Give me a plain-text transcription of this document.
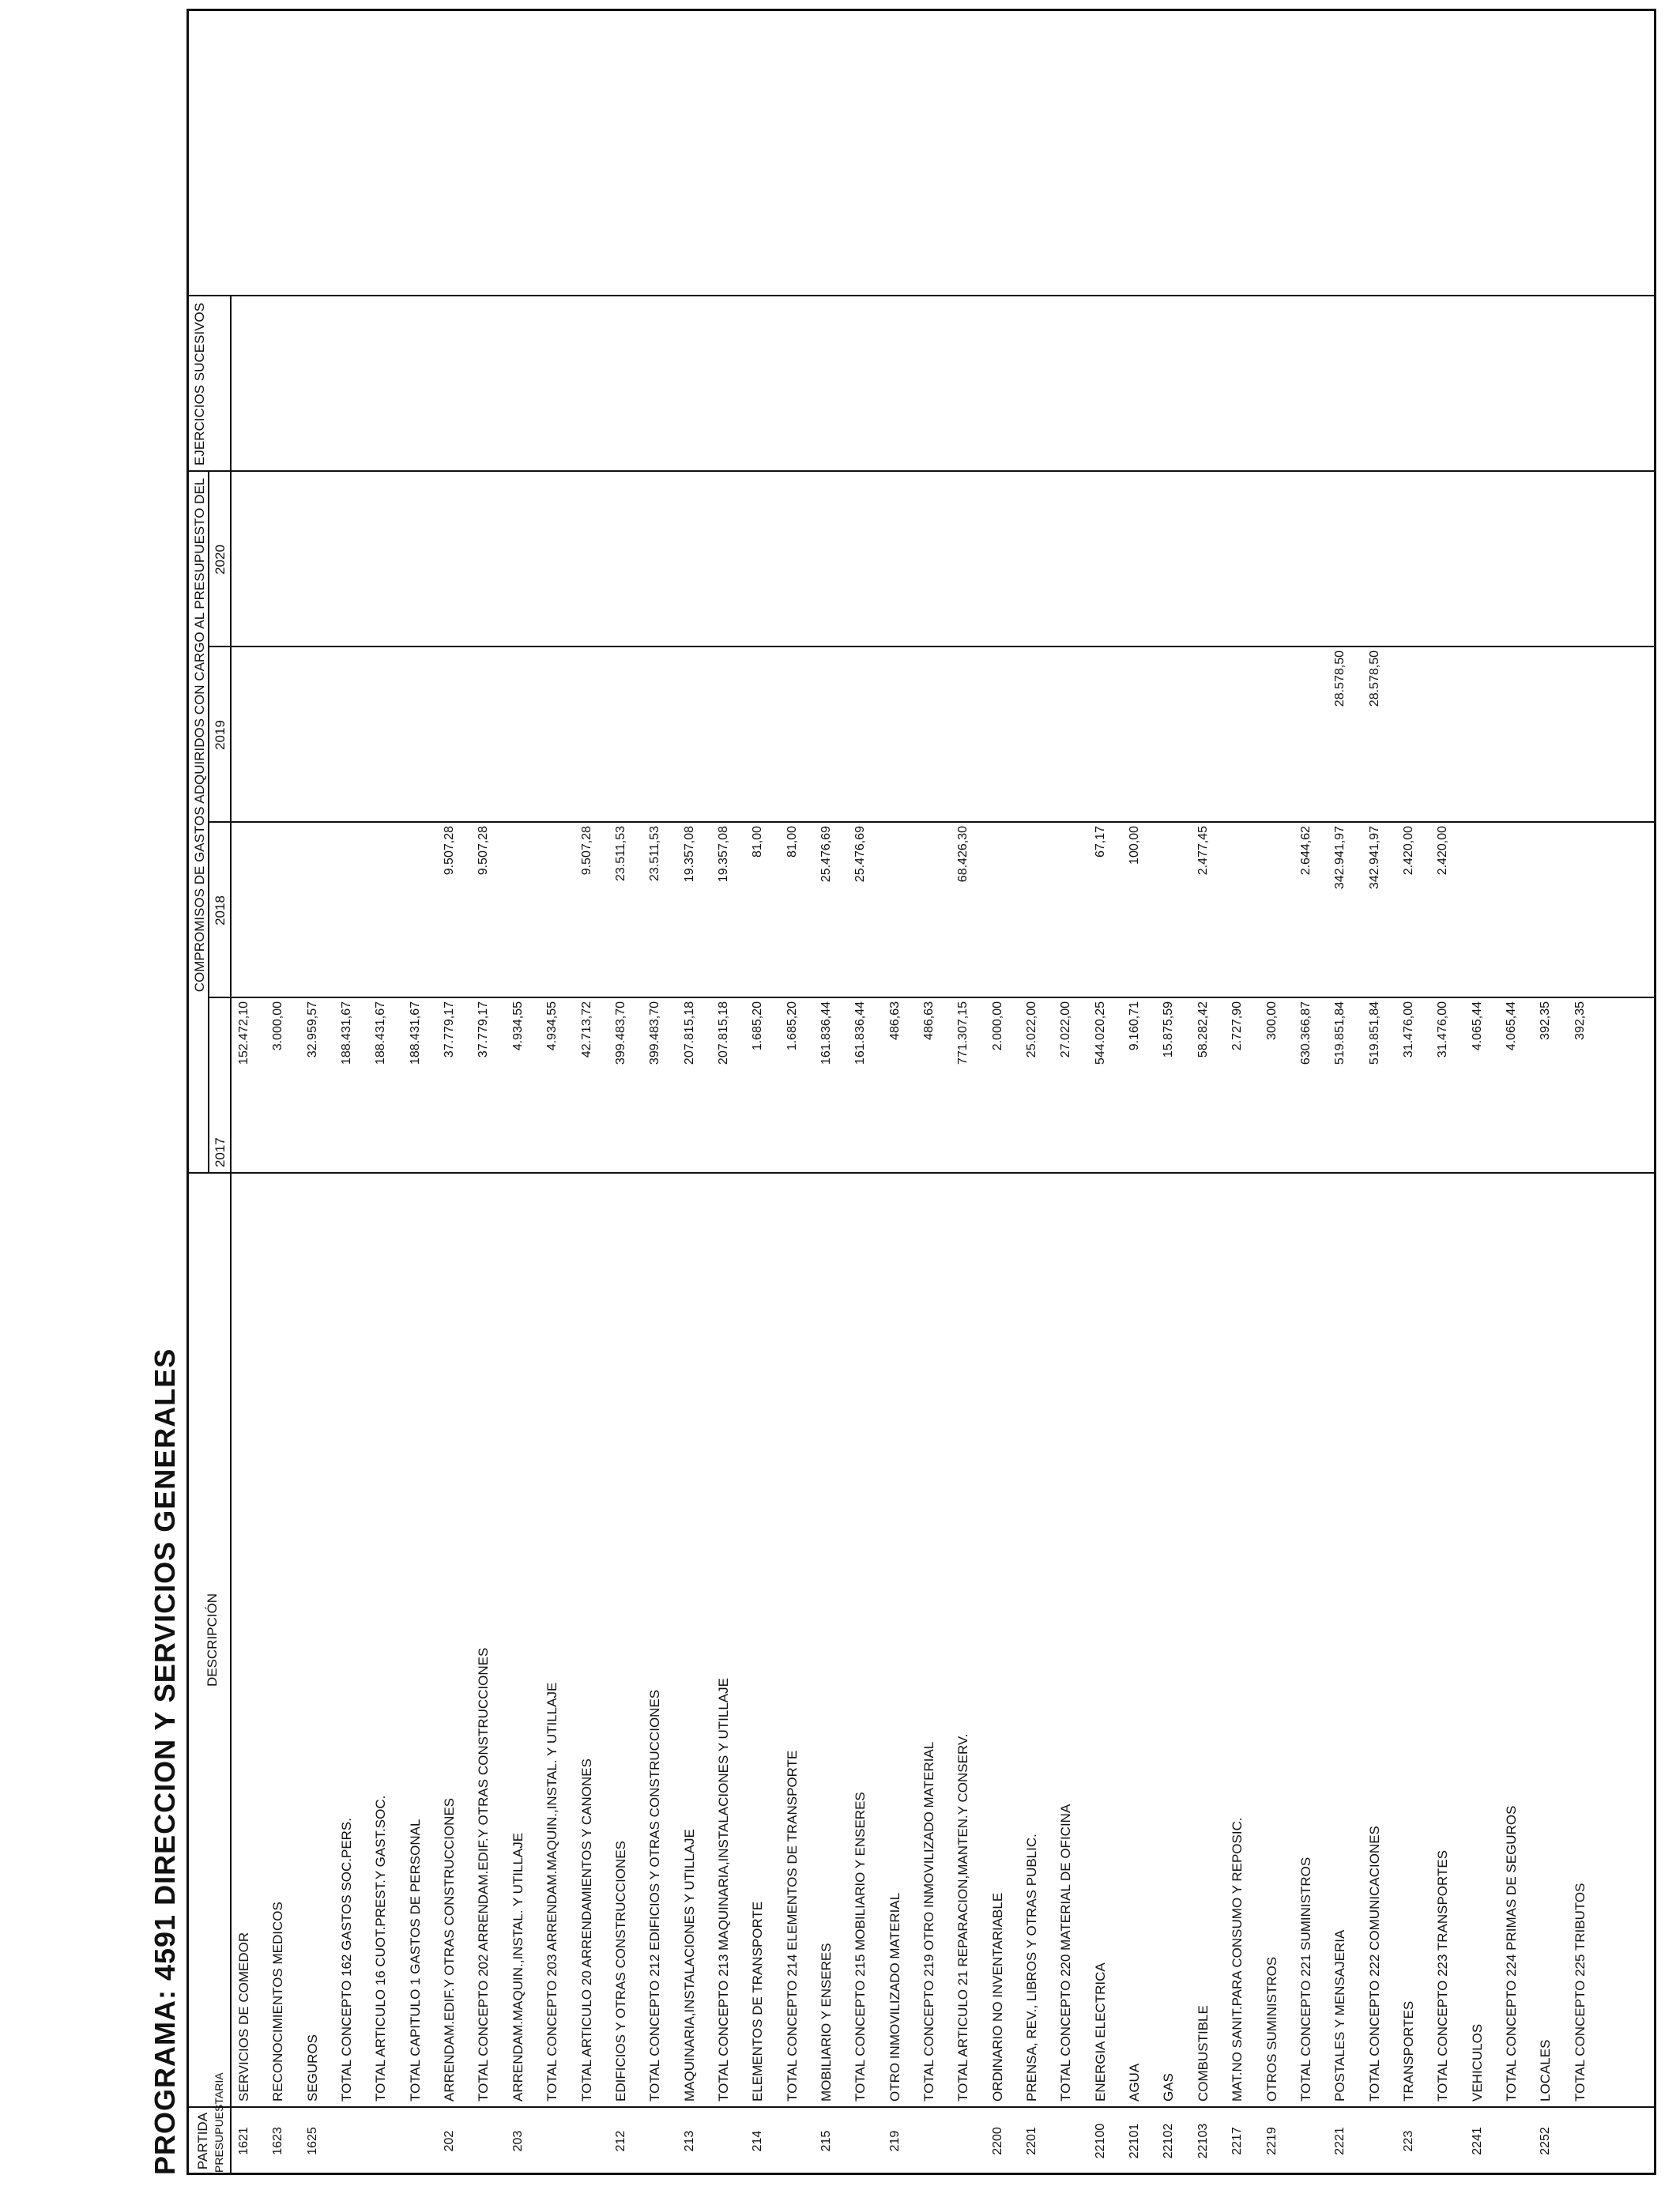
PROGRAMA: 4591 DIRECCION Y SERVICIOS GENERALES PARTIDA PRESUPUESTARIA
DESCRIPCIÓN
COMPROMISOS DE GASTOS ADQUIRIDOS CON CARGO AL PRESUPUESTO DEL
2017
2018
2019
2020
EJERCICIOS SUCESIVOS
1621
SERVICIOS DE COMEDOR
152.472,10
1623
RECONOCIMIENTOS MEDICOS
3.000,00
1625
SEGUROS
32.959,57
TOTAL CONCEPTO 162 GASTOS SOC.PERS.
188.431,67
TOTAL ARTICULO 16 CUOT.PREST.Y GAST.SOC.
188.431,67
TOTAL CAPITULO 1 GASTOS DE PERSONAL
188.431,67
202
ARRENDAM.EDIF.Y OTRAS CONSTRUCCIONES
37.779,17
9.507,28
TOTAL CONCEPTO 202 ARRENDAM.EDIF.Y OTRAS CONSTRUCCIONES
37.779,17
9.507,28
203
ARRENDAM.MAQUIN.,INSTAL. Y UTILLAJE
4.934,55
TOTAL CONCEPTO 203 ARRENDAM.MAQUIN.,INSTAL. Y UTILLAJE
4.934,55
TOTAL ARTICULO 20 ARRENDAMIENTOS Y CANONES
42.713,72
9.507,28
212
EDIFICIOS Y OTRAS CONSTRUCCIONES
399.483,70
23.511,53
TOTAL CONCEPTO 212 EDIFICIOS Y OTRAS CONSTRUCCIONES
399.483,70
23.511,53
213
MAQUINARIA,INSTALACIONES Y UTILLAJE
207.815,18
19.357,08
TOTAL CONCEPTO 213 MAQUINARIA,INSTALACIONES Y UTILLAJE
207.815,18
19.357,08
214
ELEMENTOS DE TRANSPORTE
1.685,20
81,00
TOTAL CONCEPTO 214 ELEMENTOS DE TRANSPORTE
1.685,20
81,00
215
MOBILIARIO Y ENSERES
161.836,44
25.476,69
TOTAL CONCEPTO 215 MOBILIARIO Y ENSERES
161.836,44
25.476,69
219
OTRO INMOVILIZADO MATERIAL
486,63
TOTAL CONCEPTO 219 OTRO INMOVILIZADO MATERIAL
486,63
TOTAL ARTICULO 21 REPARACION,MANTEN.Y CONSERV.
771.307,15
68.426,30
2200
ORDINARIO NO INVENTARIABLE
2.000,00
2201
PRENSA, REV., LIBROS Y OTRAS PUBLIC.
25.022,00
TOTAL CONCEPTO 220 MATERIAL DE OFICINA
27.022,00
22100
ENERGIA ELECTRICA
544.020,25
67,17
22101
AGUA
9.160,71
100,00
22102
GAS
15.875,59
22103
COMBUSTIBLE
58.282,42
2.477,45
2217
MAT.NO SANIT.PARA CONSUMO Y REPOSIC.
2.727,90
2219
OTROS SUMINISTROS
300,00
TOTAL CONCEPTO 221 SUMINISTROS
630.366,87
2.644,62
2221
POSTALES Y MENSAJERIA
519.851,84
342.941,97
28.578,50
TOTAL CONCEPTO 222 COMUNICACIONES
519.851,84
342.941,97
28.578,50
223
TRANSPORTES
31.476,00
2.420,00
TOTAL CONCEPTO 223 TRANSPORTES
31.476,00
2.420,00
2241
VEHICULOS
4.065,44
TOTAL CONCEPTO 224 PRIMAS DE SEGUROS
4.065,44
2252
LOCALES
392,35
TOTAL CONCEPTO 225 TRIBUTOS
392,35
